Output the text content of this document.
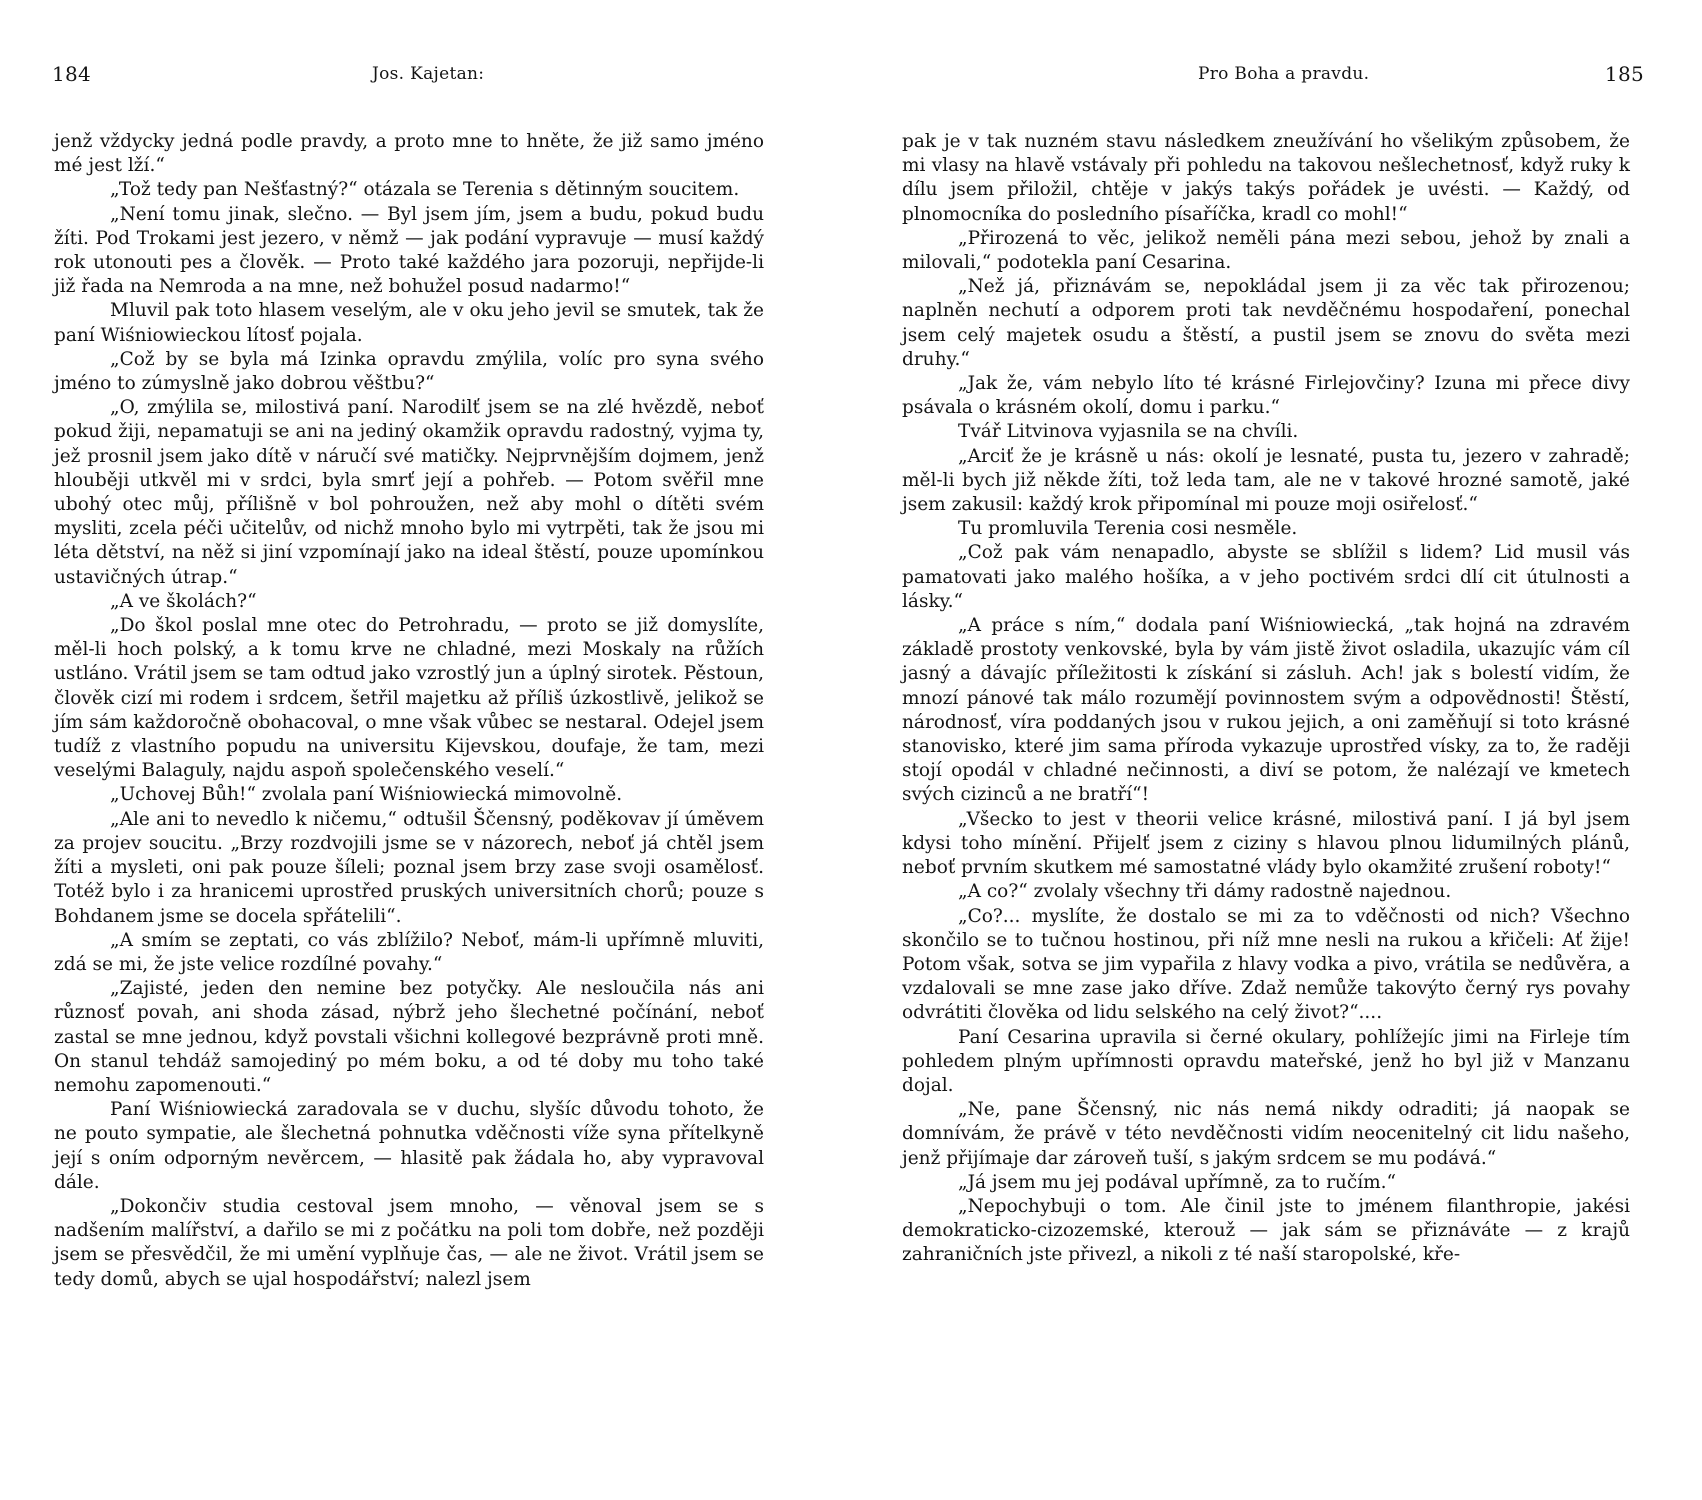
184	Jos. Kajetan:

jenž vždycky jedná podle pravdy, a proto mne to hněte, že již samo jméno mé jest lží.“

„Tož tedy pan Nešťastný?“ otázala se Terenia s dětinným soucitem.

„Není tomu jinak, slečno. — Byl jsem jím, jsem a budu, pokud budu žíti. Pod Trokami jest jezero, v němž — jak podání vypravuje — musí každý rok utonouti pes a člověk. — Proto také každého jara pozoruji, nepřijde-li již řada na Nemroda a na mne, než bohužel posud nadarmo!“

Mluvil pak toto hlasem veselým, ale v oku jeho jevil se smutek, tak že paní Wiśniowieckou lítosť pojala.

„Což by se byla má Izinka opravdu zmýlila, volíc pro syna svého jméno to zúmyslně jako dobrou věštbu?“

„O, zmýlila se, milostivá paní. Narodilť jsem se na zlé hvězdě, neboť pokud žiji, nepamatuji se ani na jediný okamžik opravdu radostný, vyjma ty, jež prosnil jsem jako dítě v náručí své matičky. Nejprvnějším dojmem, jenž hlouběji utkvěl mi v srdci, byla smrť její a pohřeb. — Potom svěřil mne ubohý otec můj, přílišně v bol pohroužen, než aby mohl o dítěti svém mysliti, zcela péči učitelův, od nichž mnoho bylo mi vytrpěti, tak že jsou mi léta dětství, na něž si jiní vzpomínají jako na ideal štěstí, pouze upomínkou ustavičných útrap.“

„A ve školách?“

„Do škol poslal mne otec do Petrohradu, — proto se již domyslíte, měl-li hoch polský, a k tomu krve ne chladné, mezi Moskaly na růžích ustláno. Vrátil jsem se tam odtud jako vzrostlý jun a úplný sirotek. Pěstoun, člověk cizí mi rodem i srdcem, šetřil majetku až příliš úzkostlivě, jelikož se jím sám každoročně obohacoval, o mne však vůbec se nestaral. Odejel jsem tudíž z vlastního popudu na universitu Kijevskou, doufaje, že tam, mezi veselými Balaguly, najdu aspoň společenského veselí.“

„Uchovej Bůh!“ zvolala paní Wiśniowiecká mimovolně.

„Ale ani to nevedlo k ničemu,“ odtušil Ščensný, poděkovav jí úměvem za projev soucitu. „Brzy rozdvojili jsme se v názorech, neboť já chtěl jsem žíti a mysleti, oni pak pouze šíleli; poznal jsem brzy zase svoji osamělosť. Totéž bylo i za hranicemi uprostřed pruských universitních chorů; pouze s Bohdanem jsme se docela spřátelili“.

„A smím se zeptati, co vás zblížilo? Neboť, mám-li upřímně mluviti, zdá se mi, že jste velice rozdílné povahy.“

„Zajisté, jeden den nemine bez potyčky. Ale nesloučila nás ani různosť povah, ani shoda zásad, nýbrž jeho šlechetné počínání, neboť zastal se mne jednou, když povstali všichni kollegové bezprávně proti mně. On stanul tehdáž samojediný po mém boku, a od té doby mu toho také nemohu zapomenouti.“

Paní Wiśniowiecká zaradovala se v duchu, slyšíc důvodu tohoto, že ne pouto sympatie, ale šlechetná pohnutka vděčnosti víže syna přítelkyně její s oním odporným nevěrcem, — hlasitě pak žádala ho, aby vypravoval dále.

„Dokončiv studia cestoval jsem mnoho, — věnoval jsem se s nadšením malířství, a dařilo se mi z počátku na poli tom dobře, než později jsem se přesvědčil, že mi umění vyplňuje čas, — ale ne život. Vrátil jsem se tedy domů, abych se ujal hospodářství; nalezl jsem

Pro Boha a pravdu.	185

pak je v tak nuzném stavu následkem zneužívání ho všelikým způsobem, že mi vlasy na hlavě vstávaly při pohledu na takovou nešlechetnosť, když ruky k dílu jsem přiložil, chtěje v jakýs takýs pořádek je uvésti. — Každý, od plnomocníka do posledního písaříčka, kradl co mohl!“

„Přirozená to věc, jelikož neměli pána mezi sebou, jehož by znali a milovali,“ podotekla paní Cesarina.

„Než já, přiznávám se, nepokládal jsem ji za věc tak přirozenou; naplněn nechutí a odporem proti tak nevděčnému hospodaření, ponechal jsem celý majetek osudu a štěstí, a pustil jsem se znovu do světa mezi druhy.“

„Jak že, vám nebylo líto té krásné Firlejovčiny? Izuna mi přece divy psávala o krásném okolí, domu i parku.“

Tvář Litvinova vyjasnila se na chvíli.

„Arciť že je krásně u nás: okolí je lesnaté, pusta tu, jezero v zahradě; měl-li bych již někde žíti, tož leda tam, ale ne v takové hrozné samotě, jaké jsem zakusil: každý krok připomínal mi pouze moji osiřelosť.“

Tu promluvila Terenia cosi nesměle.

„Což pak vám nenapadlo, abyste se sblížil s lidem? Lid musil vás pamatovati jako malého hošíka, a v jeho poctivém srdci dlí cit útulnosti a lásky.“

„A práce s ním,“ dodala paní Wiśniowiecká, „tak hojná na zdravém základě prostoty venkovské, byla by vám jistě život osladila, ukazujíc vám cíl jasný a dávajíc příležitosti k získání si zásluh. Ach! jak s bolestí vidím, že mnozí pánové tak málo rozumějí povinnostem svým a odpovědnosti! Štěstí, národnosť, víra poddaných jsou v rukou jejich, a oni zaměňují si toto krásné stanovisko, které jim sama příroda vykazuje uprostřed vísky, za to, že raději stojí opodál v chladné nečinnosti, a diví se potom, že nalézají ve kmetech svých cizinců a ne bratří“!

„Všecko to jest v theorii velice krásné, milostivá paní. I já byl jsem kdysi toho mínění. Přijelť jsem z ciziny s hlavou plnou lidumilných plánů, neboť prvním skutkem mé samostatné vlády bylo okamžité zrušení roboty!“

„A co?“ zvolaly všechny tři dámy radostně najednou.

„Co?... myslíte, že dostalo se mi za to vděčnosti od nich? Všechno skončilo se to tučnou hostinou, při níž mne nesli na rukou a křičeli: Ať žije! Potom však, sotva se jim vypařila z hlavy vodka a pivo, vrátila se nedůvěra, a vzdalovali se mne zase jako dříve. Zdaž nemůže takovýto černý rys povahy odvrátiti člověka od lidu selského na celý život?“....

Paní Cesarina upravila si černé okulary, pohlížejíc jimi na Firleje tím pohledem plným upřímnosti opravdu mateřské, jenž ho byl již v Manzanu dojal.

„Ne, pane Ščensný, nic nás nemá nikdy odraditi; já naopak se domnívám, že právě v této nevděčnosti vidím neocenitelný cit lidu našeho, jenž přijímaje dar zároveň tuší, s jakým srdcem se mu podává.“

„Já jsem mu jej podával upřímně, za to ručím.“

„Nepochybuji o tom. Ale činil jste to jménem filanthropie, jakési demokraticko-cizozemské, kterouž — jak sám se přiznáváte — z krajů zahraničních jste přivezl, a nikoli z té naší staropolské, kře-
